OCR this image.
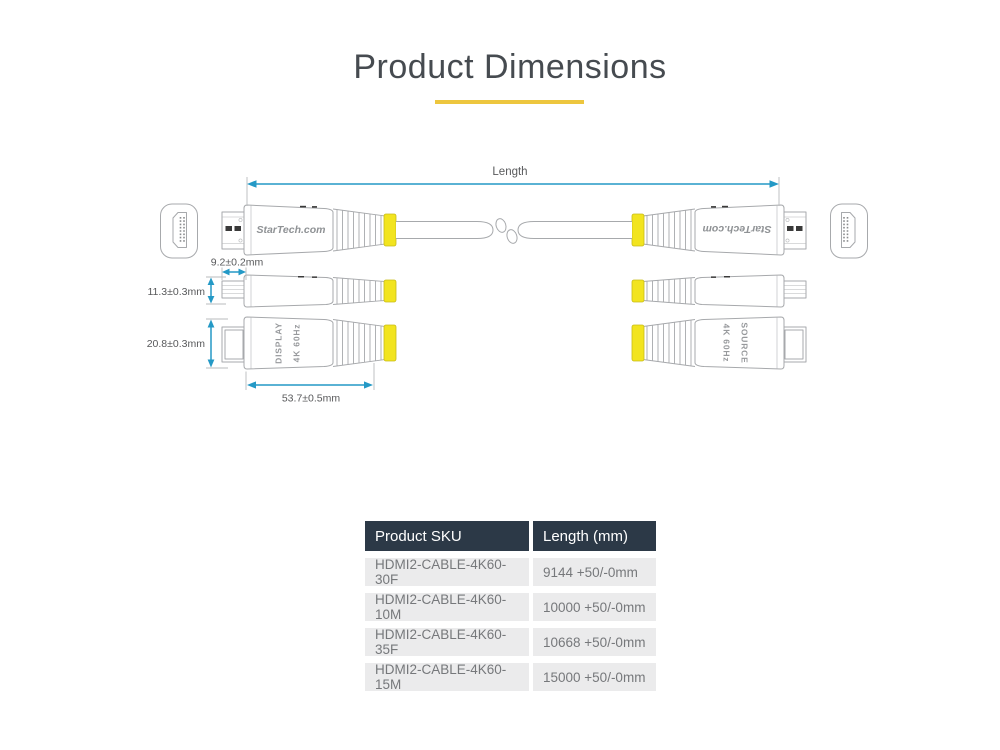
Product Dimensions
StarTech.com	StarTech.com
DISPLAY 4K 60Hz	SOURCE
4K 60Hz
Length
9.2±0.2mm
11.3±0.3mm
20.8±0.3mm
53.7±0.5mm
Product SKU	Length (mm)
HDMI2-CABLE-4K60-30F	9144 +50/-0mm
HDMI2-CABLE-4K60-10M	10000 +50/-0mm
HDMI2-CABLE-4K60-35F	10668 +50/-0mm
HDMI2-CABLE-4K60-15M	15000 +50/-0mm
